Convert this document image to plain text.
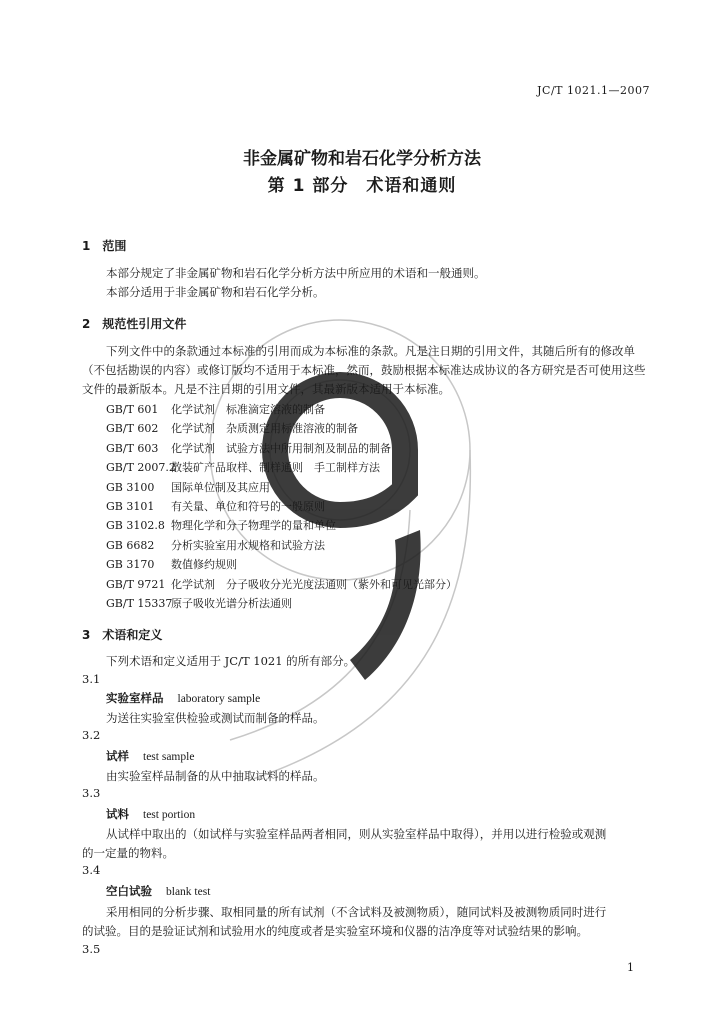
JC/T 1021.1—2007
非金属矿物和岩石化学分析方法
第 1 部分　术语和通则
1　范围
本部分规定了非金属矿物和岩石化学分析方法中所应用的术语和一般通则。
本部分适用于非金属矿物和岩石化学分析。
2　规范性引用文件
下列文件中的条款通过本标准的引用而成为本标准的条款。凡是注日期的引用文件，其随后所有的修改单（不包括勘误的内容）或修订版均不适用于本标准，然而，鼓励根据本标准达成协议的各方研究是否可使用这些文件的最新版本。凡是不注日期的引用文件，其最新版本适用于本标准。
GB/T 601 化学试剂　标准滴定溶液的制备
GB/T 602 化学试剂　杂质测定用标准溶液的制备
GB/T 603 化学试剂　试验方法中所用制剂及制品的制备
GB/T 2007.2  散装矿产品取样、制样通则　手工制样方法
GB 3100 国际单位制及其应用
GB 3101 有关量、单位和符号的一般原则
GB 3102.8 物理化学和分子物理学的量和单位
GB 6682 分析实验室用水规格和试验方法
GB 3170 数值修约规则
GB/T 9721 化学试剂　分子吸收分光光度法通则（紫外和可见光部分）
GB/T 15337  原子吸收光谱分析法通则
3　术语和定义
下列术语和定义适用于 JC/T 1021 的所有部分。
3.1
实验室样品 laboratory sample
为送往实验室供检验或测试而制备的样品。
3.2
试样 test sample
由实验室样品制备的从中抽取试料的样品。
3.3
试料 test portion
从试样中取出的（如试样与实验室样品两者相同，则从实验室样品中取得），并用以进行检验或观测
的一定量的物料。
3.4
空白试验 blank test
采用相同的分析步骤、取相同量的所有试剂（不含试料及被测物质），随同试料及被测物质同时进行
的试验。目的是验证试剂和试验用水的纯度或者是实验室环境和仪器的洁净度等对试验结果的影响。
3.5
1
